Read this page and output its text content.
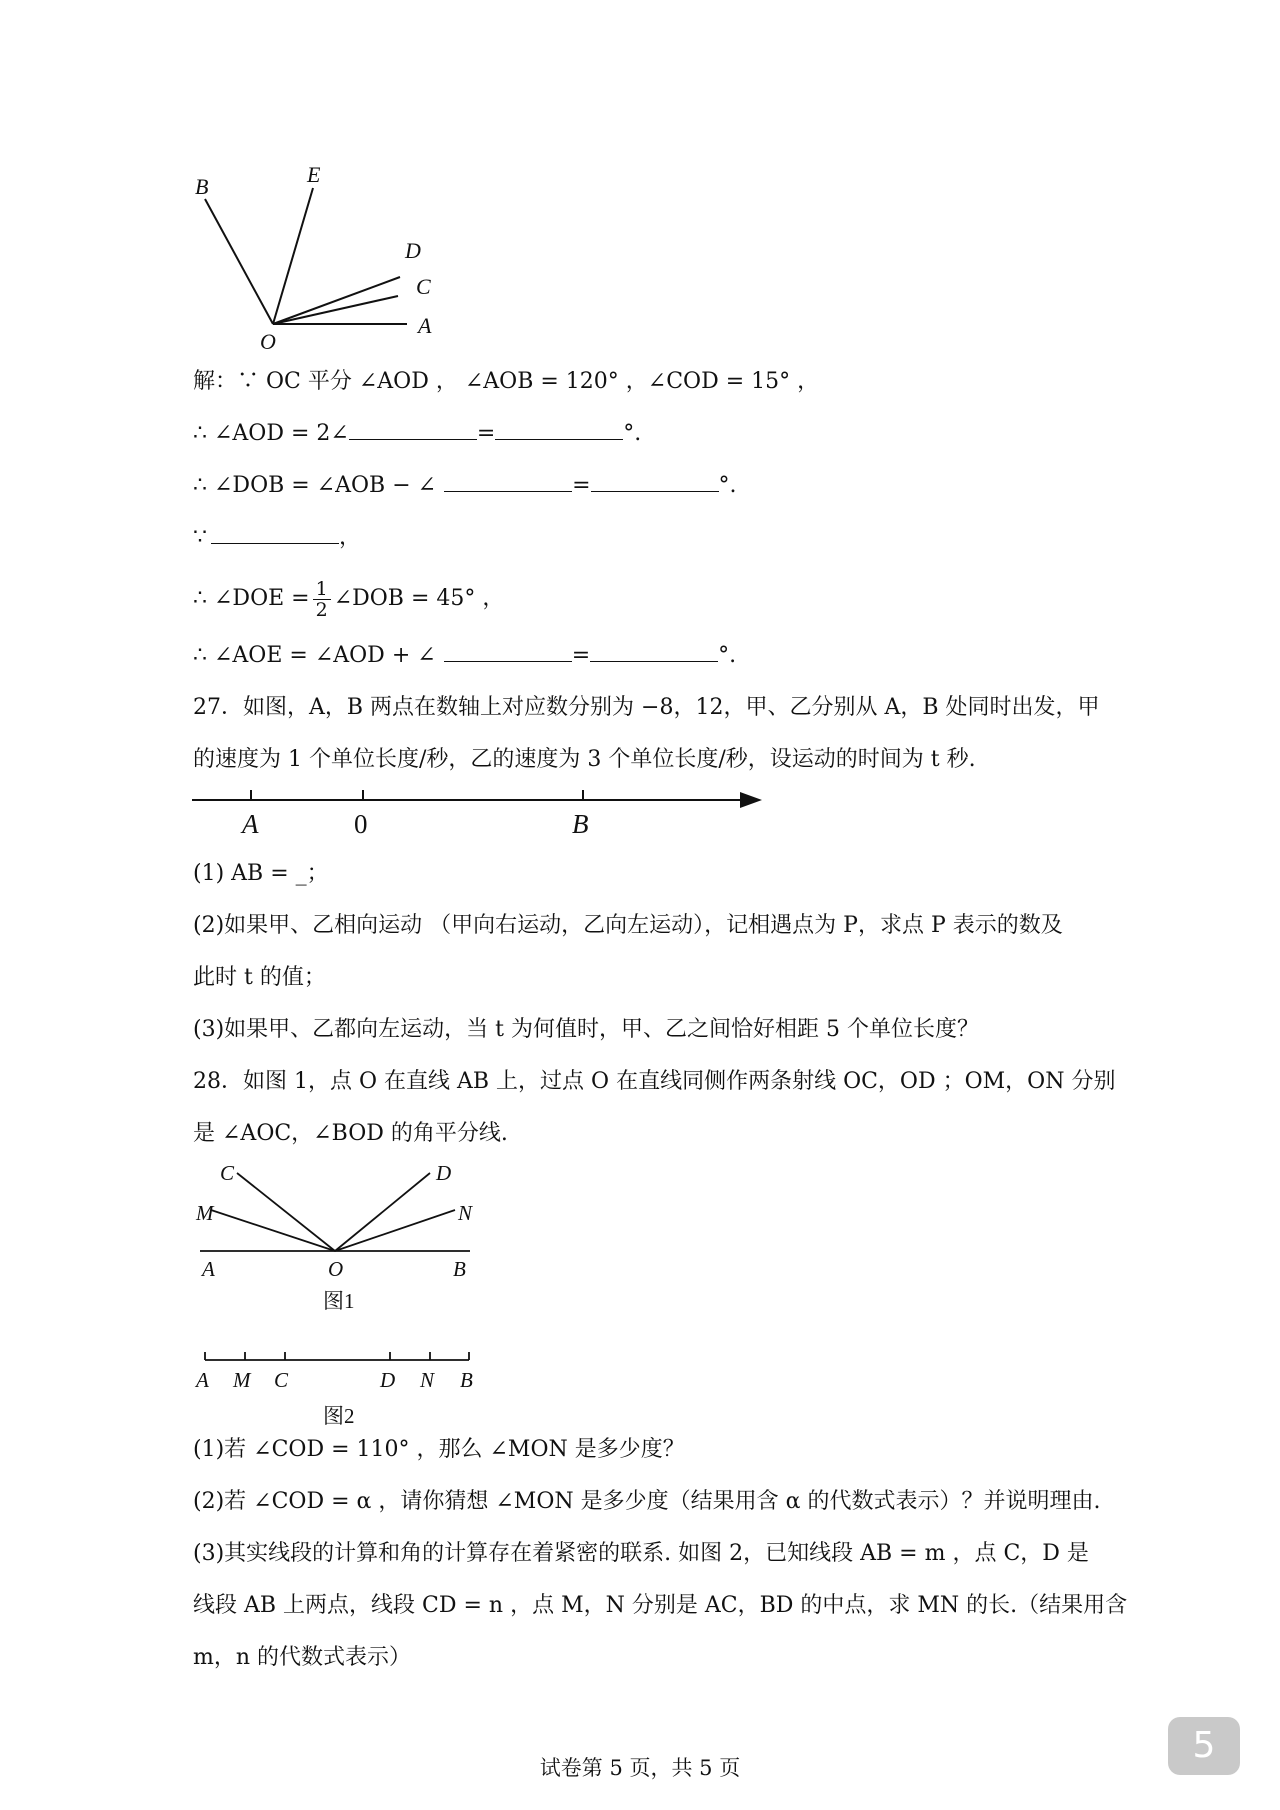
B	E
D
C
A
O
解：∵ OC 平分 ∠AOD ， ∠AOB = 120° ，∠COD = 15° ，
∴ ∠AOD = 2∠	=	°.
∴ ∠DOB = ∠AOB − ∠	=	°.
∵	，
∴ ∠DOE = $\frac{1}{2}$ ∠DOB = 45° ，
∴ ∠AOE = ∠AOD + ∠	=	°.
27．如图，A，B 两点在数轴上对应数分别为 −8，12，甲、乙分别从 A，B 处同时出发，甲
的速度为 1 个单位长度/秒，乙的速度为 3 个单位长度/秒，设运动的时间为 t 秒.
A	0	B
(1) AB = _；
(2)如果甲、乙相向运动 （甲向右运动，乙向左运动），记相遇点为 P，求点 P 表示的数及
此时 t 的值；
(3)如果甲、乙都向左运动，当 t 为何值时，甲、乙之间恰好相距 5 个单位长度？
28．如图 1，点 O 在直线 AB 上，过点 O 在直线同侧作两条射线 OC，OD ；OM，ON 分别
是 ∠AOC，∠BOD 的角平分线.
C	D
M	N
A	O	B
图1
A M C	D N B
图2
(1)若 ∠COD = 110° ，那么 ∠MON 是多少度？
(2)若 ∠COD = α ，请你猜想 ∠MON 是多少度（结果用含 α 的代数式表示）？并说明理由.
(3)其实线段的计算和角的计算存在着紧密的联系. 如图 2，已知线段 AB = m ，点 C，D 是
线段 AB 上两点，线段 CD = n ，点 M，N 分别是 AC，BD 的中点，求 MN 的长.（结果用含
m，n 的代数式表示）
试卷第 5 页，共 5 页
5
